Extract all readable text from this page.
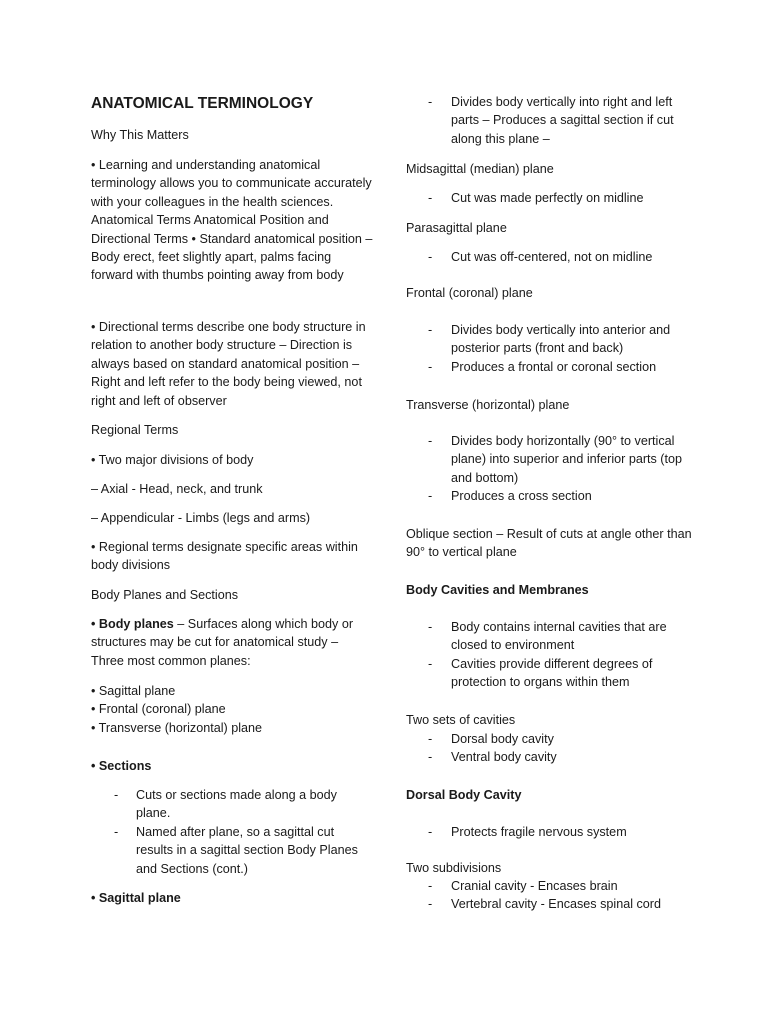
ANATOMICAL TERMINOLOGY

Why This Matters

• Learning and understanding anatomical terminology allows you to communicate accurately with your colleagues in the health sciences. Anatomical Terms Anatomical Position and Directional Terms • Standard anatomical position – Body erect, feet slightly apart, palms facing forward with thumbs pointing away from body

• Directional terms describe one body structure in relation to another body structure – Direction is always based on standard anatomical position – Right and left refer to the body being viewed, not right and left of observer

Regional Terms

• Two major divisions of body

– Axial - Head, neck, and trunk

– Appendicular - Limbs (legs and arms)

• Regional terms designate specific areas within body divisions

Body Planes and Sections

• Body planes – Surfaces along which body or structures may be cut for anatomical study – Three most common planes:

• Sagittal plane
• Frontal (coronal) plane
• Transverse (horizontal) plane

• Sections

- Cuts or sections made along a body plane.
- Named after plane, so a sagittal cut results in a sagittal section Body Planes and Sections (cont.)

• Sagittal plane

- Divides body vertically into right and left parts – Produces a sagittal section if cut along this plane –

Midsagittal (median) plane

- Cut was made perfectly on midline

Parasagittal plane

- Cut was off-centered, not on midline

Frontal (coronal) plane

- Divides body vertically into anterior and posterior parts (front and back)
- Produces a frontal or coronal section

Transverse (horizontal) plane

- Divides body horizontally (90° to vertical plane) into superior and inferior parts (top and bottom)
- Produces a cross section

Oblique section – Result of cuts at angle other than 90° to vertical plane

Body Cavities and Membranes

- Body contains internal cavities that are closed to environment
- Cavities provide different degrees of protection to organs within them

Two sets of cavities

- Dorsal body cavity
- Ventral body cavity

Dorsal Body Cavity

- Protects fragile nervous system

Two subdivisions

- Cranial cavity - Encases brain
- Vertebral cavity - Encases spinal cord
